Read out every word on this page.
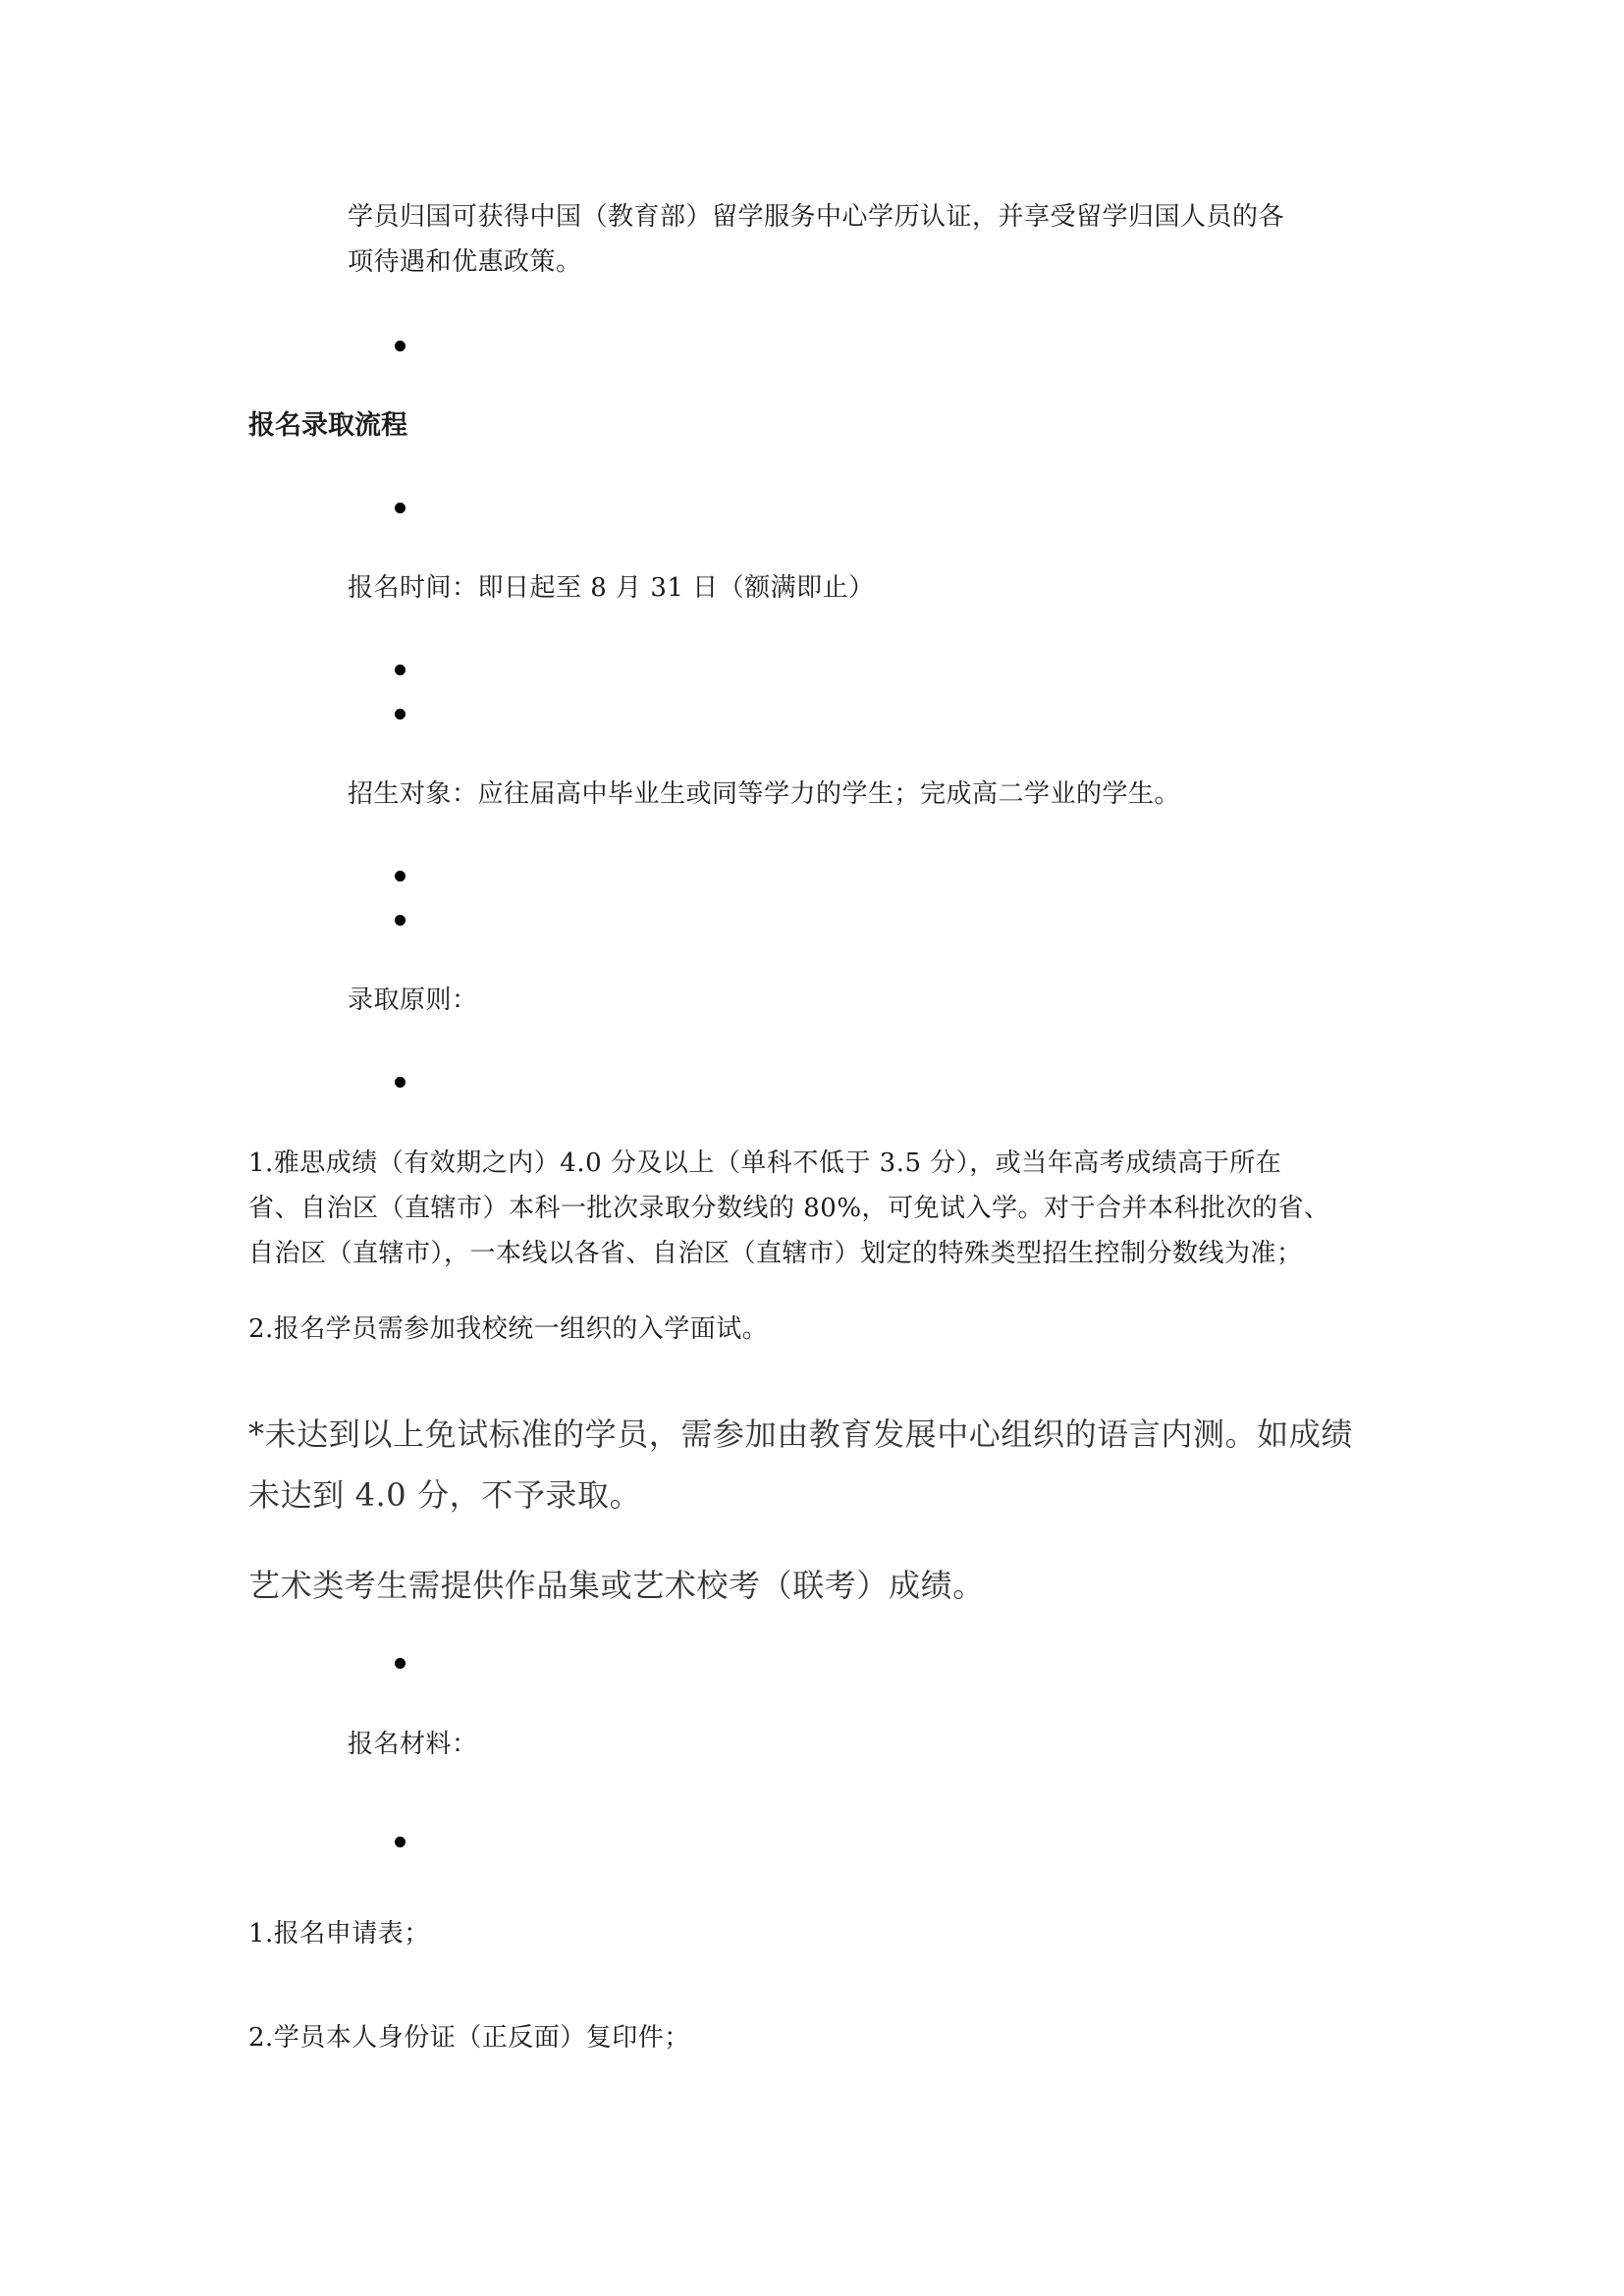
学员归国可获得中国（教育部）留学服务中心学历认证，并享受留学归国人员的各
项待遇和优惠政策。

报名录取流程

报名时间：即日起至 8 月 31 日（额满即止）

招生对象：应往届高中毕业生或同等学力的学生；完成高二学业的学生。

录取原则：

1.雅思成绩（有效期之内）4.0 分及以上（单科不低于 3.5 分），或当年高考成绩高于所在
省、自治区（直辖市）本科一批次录取分数线的 80%，可免试入学。对于合并本科批次的省、
自治区（直辖市），一本线以各省、自治区（直辖市）划定的特殊类型招生控制分数线为准；

2.报名学员需参加我校统一组织的入学面试。

*未达到以上免试标准的学员，需参加由教育发展中心组织的语言内测。如成绩
未达到 4.0 分，不予录取。

艺术类考生需提供作品集或艺术校考（联考）成绩。

报名材料：

1.报名申请表；

2.学员本人身份证（正反面）复印件；
